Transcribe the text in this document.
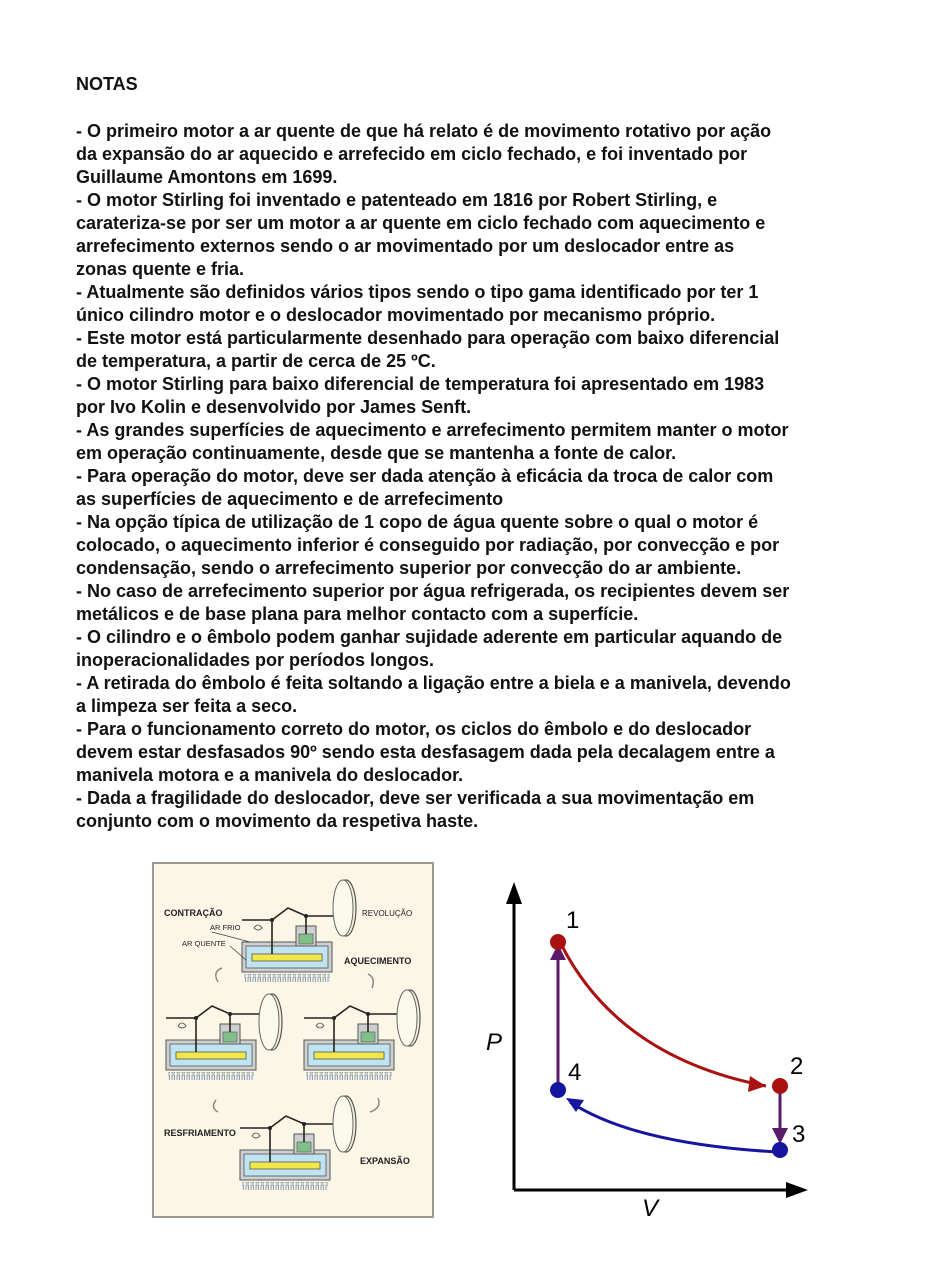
NOTAS
- O primeiro motor a ar quente de que há relato é de movimento rotativo por ação
da expansão do ar aquecido e arrefecido em ciclo fechado, e foi inventado por
Guillaume Amontons em 1699.
- O motor Stirling foi inventado e patenteado em 1816 por Robert Stirling, e
carateriza-se por ser um motor a ar quente em ciclo fechado com aquecimento e
arrefecimento externos sendo o ar movimentado por um deslocador entre as
zonas quente e fria.
- Atualmente são definidos vários tipos sendo o tipo gama identificado por ter 1
único cilindro motor e o deslocador movimentado por mecanismo próprio.
- Este motor está particularmente desenhado para operação com baixo diferencial
de temperatura, a partir de cerca de 25 ºC.
- O motor Stirling para baixo diferencial de temperatura foi apresentado em 1983
por Ivo Kolin e desenvolvido por James Senft.
- As grandes superfícies de aquecimento e arrefecimento permitem manter o motor
em operação continuamente, desde que se mantenha a fonte de calor.
- Para operação do motor, deve ser dada atenção à eficácia da troca de calor com
as superfícies de aquecimento e de arrefecimento
- Na opção típica de utilização de 1 copo de água quente sobre o qual o motor é
colocado, o aquecimento inferior é conseguido por radiação, por convecção e por
condensação, sendo o arrefecimento superior por convecção do ar ambiente.
- No caso de arrefecimento superior por água refrigerada, os recipientes devem ser
metálicos e de base plana para melhor contacto com a superfície.
- O cilindro e o êmbolo podem ganhar sujidade aderente em particular aquando de
inoperacionalidades por períodos longos.
- A retirada do êmbolo é feita soltando a ligação entre a biela e a manivela, devendo
a limpeza ser feita a seco.
- Para o funcionamento correto do motor, os ciclos do êmbolo e do deslocador
devem estar desfasados 90º sendo esta desfasagem dada pela decalagem entre a
manivela motora e a manivela do deslocador.
- Dada a fragilidade do deslocador, deve ser verificada a sua movimentação em
conjunto com o movimento da respetiva haste.
CONTRAÇÃO
AR FRIO
AR QUENTE
REVOLUÇÃO
AQUECIMENTO
RESFRIAMENTO
EXPANSÃO
P
V
1
2
3
4
